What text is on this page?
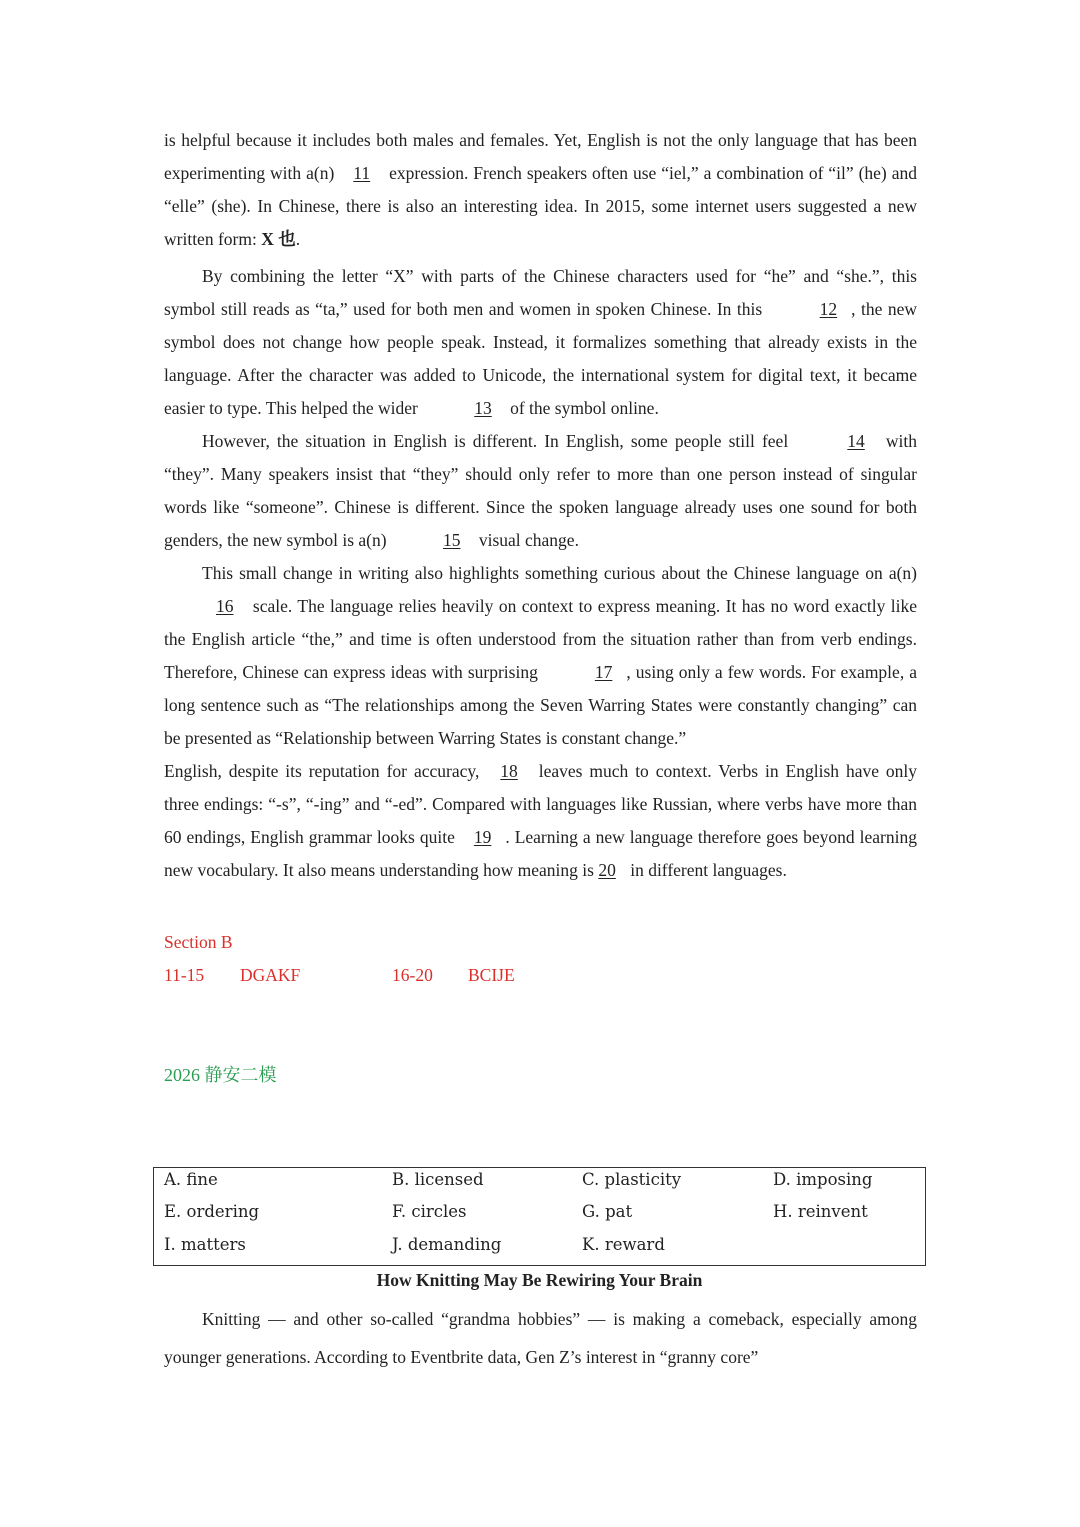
is helpful because it includes both males and females. Yet, English is not the only language that has been experimenting with a(n) 11 expression. French speakers often use “iel,” a combination of “il” (he) and “elle” (she). In Chinese, there is also an interesting idea. In 2015, some internet users suggested a new written form: X 也.

By combining the letter “X” with parts of the Chinese characters used for “he” and “she.”, this symbol still reads as “ta,” used for both men and women in spoken Chinese. In this	12 , the new symbol does not change how people speak. Instead, it formalizes something that already exists in the language. After the character was added to Unicode, the international system for digital text, it became easier to type. This helped the wider	13 of the symbol online.

However, the situation in English is different. In English, some people still feel	14 with “they”. Many speakers insist that “they” should only refer to more than one person instead of singular words like “someone”. Chinese is different. Since the spoken language already uses one sound for both genders, the new symbol is a(n)	15 visual change.

This small change in writing also highlights something curious about the Chinese language on a(n) 16 scale. The language relies heavily on context to express meaning. It has no word exactly like the English article “the,” and time is often understood from the situation rather than from verb endings. Therefore, Chinese can express ideas with surprising	17 , using only a few words. For example, a long sentence such as “The relationships among the Seven Warring States were constantly changing” can be presented as “Relationship between Warring States is constant change.”

English, despite its reputation for accuracy, 18 leaves much to context. Verbs in English have only three endings: “-s”, “-ing” and “-ed”. Compared with languages like Russian, where verbs have more than 60 endings, English grammar looks quite 19 . Learning a new language therefore goes beyond learning new vocabulary. It also means understanding how meaning is 20 in different languages.

Section B
11-15 DGAKF	16-20 BCIJE
2026 静安二模
A. fine	B. licensed	C. plasticity	D. imposing
E. ordering	F. circles	G. pat	H. reinvent
I. matters	J. demanding	K. reward
How Knitting May Be Rewiring Your Brain

Knitting — and other so-called “grandma hobbies” — is making a comeback, especially among younger generations. According to Eventbrite data, Gen Z’s interest in “granny core”
